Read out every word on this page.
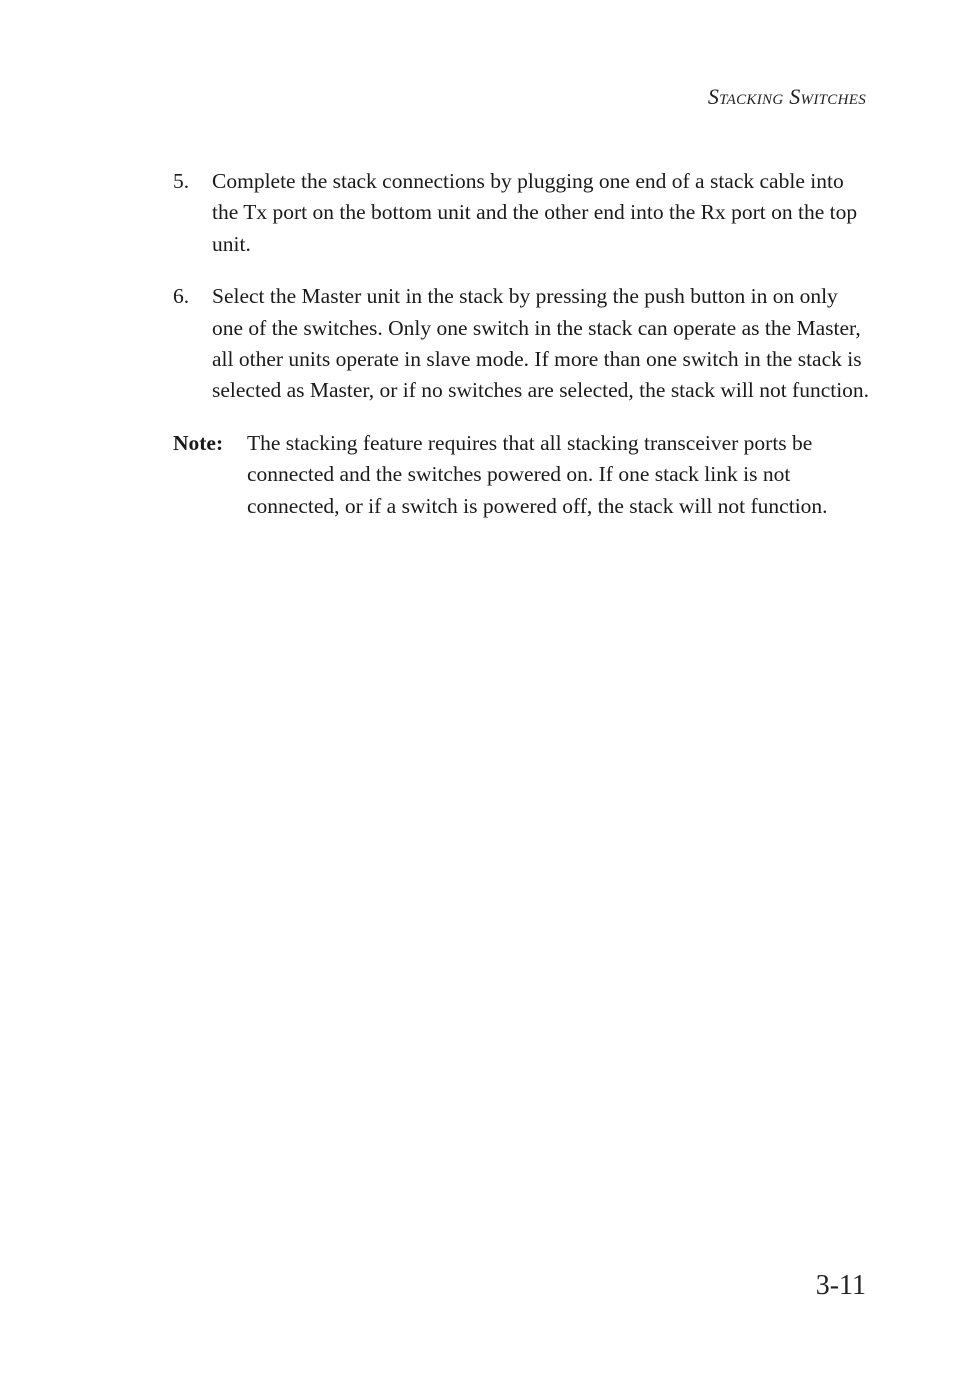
Stacking Switches
5. Complete the stack connections by plugging one end of a stack cable into the Tx port on the bottom unit and the other end into the Rx port on the top unit.
6. Select the Master unit in the stack by pressing the push button in on only one of the switches. Only one switch in the stack can operate as the Master, all other units operate in slave mode. If more than one switch in the stack is selected as Master, or if no switches are selected, the stack will not function.
Note: The stacking feature requires that all stacking transceiver ports be connected and the switches powered on. If one stack link is not connected, or if a switch is powered off, the stack will not function.
3-11
